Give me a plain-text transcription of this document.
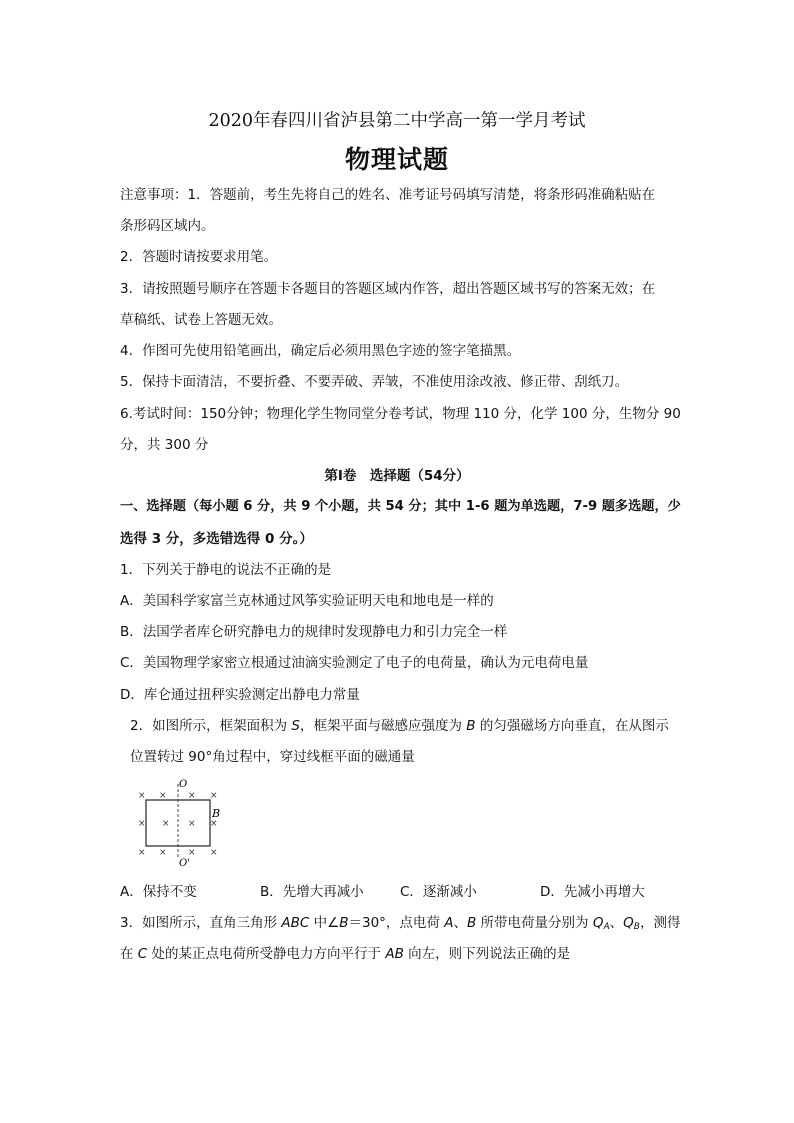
2020年春四川省泸县第二中学高一第一学月考试
物理试题
注意事项：1．答题前，考生先将自己的姓名、准考证号码填写清楚，将条形码准确粘贴在
条形码区域内。
2．答题时请按要求用笔。
3．请按照题号顺序在答题卡各题目的答题区域内作答，超出答题区域书写的答案无效；在
草稿纸、试卷上答题无效。
4．作图可先使用铅笔画出，确定后必须用黑色字迹的签字笔描黑。
5．保持卡面清洁，不要折叠、不要弄破、弄皱，不准使用涂改液、修正带、刮纸刀。
6.考试时间：150分钟；物理化学生物同堂分卷考试，物理 110 分，化学 100 分，生物分 90
分，共 300 分
第Ⅰ卷　选择题（54分）
一、选择题（每小题 6 分，共 9 个小题，共 54 分；其中 1-6 题为单选题，7-9 题多选题，少
选得 3 分，多选错选得 0 分。）
1．下列关于静电的说法不正确的是
A．美国科学家富兰克林通过风筝实验证明天电和地电是一样的
B．法国学者库仑研究静电力的规律时发现静电力和引力完全一样
C．美国物理学家密立根通过油滴实验测定了电子的电荷量，确认为元电荷电量
D．库仑通过扭秤实验测定出静电力常量
2．如图所示，框架面积为 S，框架平面与磁感应强度为 B 的匀强磁场方向垂直，在从图示
位置转过 90°角过程中，穿过线框平面的磁通量
O
O'
B
× × × ×
× × × ×
× × × ×
A．保持不变	B．先增大再减小	C．逐渐减小	D．先减小再增大
3．如图所示，直角三角形 ABC 中∠B＝30°，点电荷 A、B 所带电荷量分别为 $Q_A$、$Q_B$，测得
在 C 处的某正点电荷所受静电力方向平行于 AB 向左，则下列说法正确的是
